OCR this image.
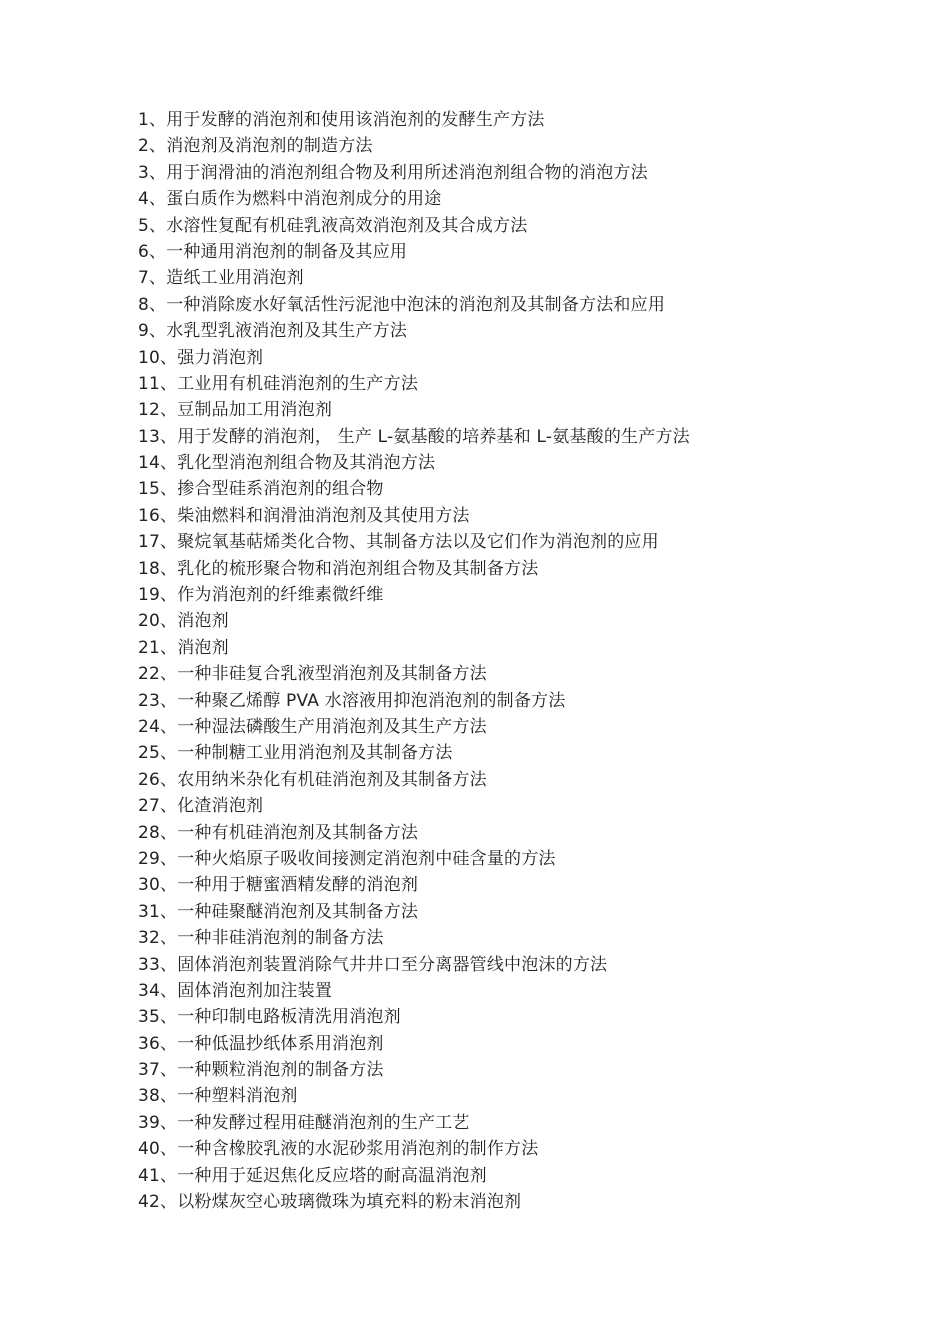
1、用于发酵的消泡剂和使用该消泡剂的发酵生产方法
2、消泡剂及消泡剂的制造方法
3、用于润滑油的消泡剂组合物及利用所述消泡剂组合物的消泡方法
4、蛋白质作为燃料中消泡剂成分的用途
5、水溶性复配有机硅乳液高效消泡剂及其合成方法
6、一种通用消泡剂的制备及其应用
7、造纸工业用消泡剂
8、一种消除废水好氧活性污泥池中泡沫的消泡剂及其制备方法和应用
9、水乳型乳液消泡剂及其生产方法
10、强力消泡剂
11、工业用有机硅消泡剂的生产方法
12、豆制品加工用消泡剂
13、用于发酵的消泡剂， 生产 L-氨基酸的培养基和 L-氨基酸的生产方法
14、乳化型消泡剂组合物及其消泡方法
15、掺合型硅系消泡剂的组合物
16、柴油燃料和润滑油消泡剂及其使用方法
17、聚烷氧基萜烯类化合物、其制备方法以及它们作为消泡剂的应用
18、乳化的梳形聚合物和消泡剂组合物及其制备方法
19、作为消泡剂的纤维素微纤维
20、消泡剂
21、消泡剂
22、一种非硅复合乳液型消泡剂及其制备方法
23、一种聚乙烯醇 PVA 水溶液用抑泡消泡剂的制备方法
24、一种湿法磷酸生产用消泡剂及其生产方法
25、一种制糖工业用消泡剂及其制备方法
26、农用纳米杂化有机硅消泡剂及其制备方法
27、化渣消泡剂
28、一种有机硅消泡剂及其制备方法
29、一种火焰原子吸收间接测定消泡剂中硅含量的方法
30、一种用于糖蜜酒精发酵的消泡剂
31、一种硅聚醚消泡剂及其制备方法
32、一种非硅消泡剂的制备方法
33、固体消泡剂装置消除气井井口至分离器管线中泡沫的方法
34、固体消泡剂加注装置
35、一种印制电路板清洗用消泡剂
36、一种低温抄纸体系用消泡剂
37、一种颗粒消泡剂的制备方法
38、一种塑料消泡剂
39、一种发酵过程用硅醚消泡剂的生产工艺
40、一种含橡胶乳液的水泥砂浆用消泡剂的制作方法
41、一种用于延迟焦化反应塔的耐高温消泡剂
42、以粉煤灰空心玻璃微珠为填充料的粉末消泡剂
